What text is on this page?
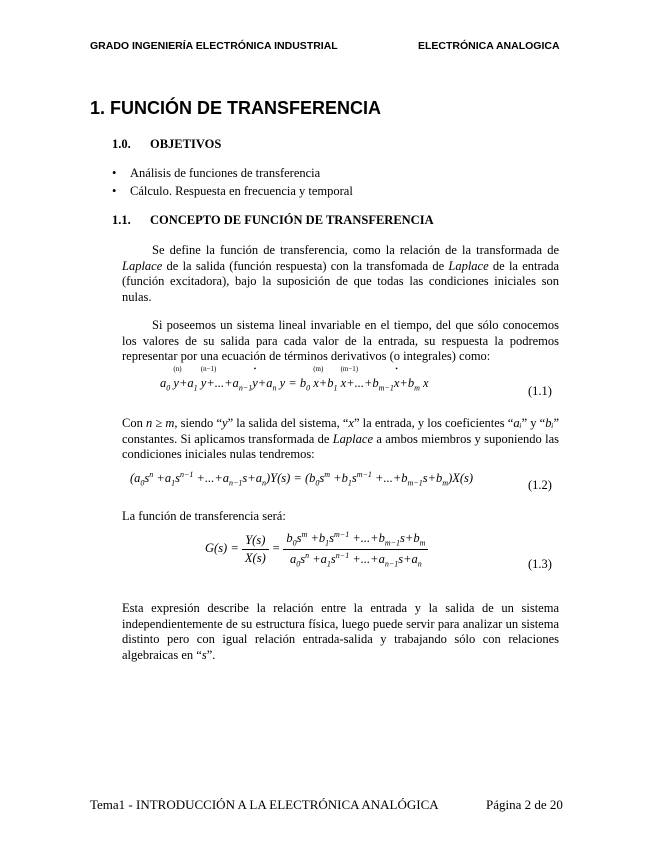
GRADO INGENIERÍA ELECTRÓNICA INDUSTRIAL	ELECTRÓNICA ANALOGICA
1. FUNCIÓN DE TRANSFERENCIA
1.0. OBJETIVOS
• Análisis de funciones de transferencia
• Cálculo. Respuesta en frecuencia y temporal
1.1. CONCEPTO DE FUNCIÓN DE TRANSFERENCIA
Se define la función de transferencia, como la relación de la transformada de Laplace de la salida (función respuesta) con la transfomada de Laplace de la entrada (función excitadora), bajo la suposición de que todas las condiciones iniciales son nulas.
Si poseemos un sistema lineal invariable en el tiempo, del que sólo conocemos los valores de su salida para cada valor de la entrada, su respuesta la podremos representar por una ecuación de términos derivativos (o integrales) como:
$a_0$ y
(n)
$+a_1$ y
(n−1)
$+...+a_{n-1}y$
•
$+a_n$ $y = b_0$ x
(m)
$+b_1$ x
(m−1)
$+...+b_{m-1}x$
•
$+b_m$ x
(1.1)
Con n ≥ m, siendo “y” la salida del sistema, “x” la entrada, y los coeficientes “aᵢ” y “bᵢ” constantes. Si aplicamos transformada de Laplace a ambos miembros y suponiendo las condiciones iniciales nulas tendremos:
$(a_0s^n +a_1s^{n-1} +...+a_{n-1}s+a_n)Y(s) = (b_0s^m +b_1s^{m-1} +...+b_{m-1}s+b_m)X(s)$	(1.2)
La función de transferencia será:
$G(s) = \frac{Y(s)}{X(s)} = \frac{b_0s^m +b_1s^{m-1} +...+b_{m-1}s+b_m}{a_0s^n +a_1s^{n-1} +...+a_{n-1}s+a_n}$	(1.3)
Esta expresión describe la relación entre la entrada y la salida de un sistema independientemente de su estructura física, luego puede servir para analizar un sistema distinto pero con igual relación entrada-salida y trabajando sólo con relaciones algebraicas en “s”.
Tema1 - INTRODUCCIÓN A LA ELECTRÓNICA ANALÓGICA	Página 2 de 20
